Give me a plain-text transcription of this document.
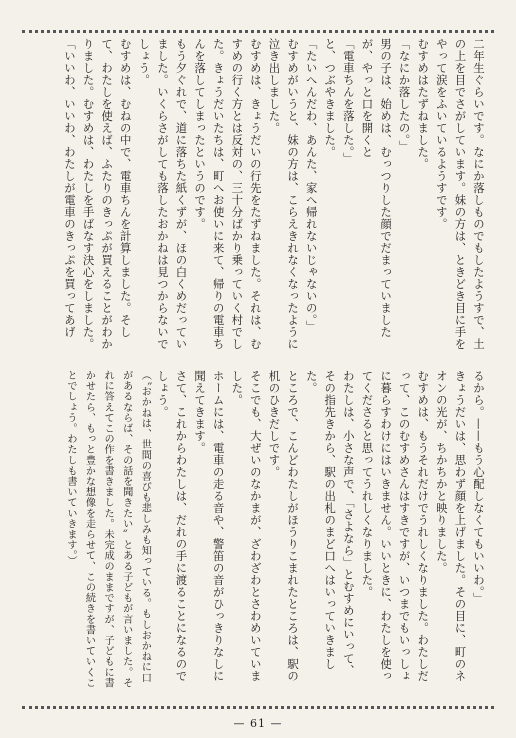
二年生ぐらいです。なにか落しものでもしたようすで、土の上を目でさがしています。妹の方は、ときどき目に手をやって涙をふいているようすです。

むすめはたずねました。

「なにか落したの。」

男の子は、始めは、むっつりした顔でだまっていましたが、やっと口を開くと

「電車ちんを落した。」

と、つぶやきました。

「たいへんだわ、あんた、家へ帰れないじゃないの。」

むすめがいうと、妹の方は、こらえきれなくなったように泣き出しました。

むすめは、きょうだいの行先をたずねました。それは、むすめの行く方とは反対の、三十分ばかり乗っていく村でした。きょうだいたちは、町へお使いに来て、帰りの電車ちんを落してしまったというのです。

もう夕ぐれで、道に落ちた紙くずが、ほの白くめだっていました。いくらさがしても落したおかねは見つからないでしょう。

むすめは、むねの中で、電車ちんを計算しました。そして、わたしを使えば、ふたりのきっぷが買えることがわかりました。むすめは、わたしを手ばなす決心をしました。

「いいわ、いいわ、わたしが電車のきっぷを買ってあげ

るから。——もう心配しなくてもいいわ。」

きょうだいは、思わず顔を上げました。その目に、町のネオンの光が、ちかちかと映りました。

むすめは、もうそれだけでうれしくなりました。わたしだって、このむすめさんはすきですが、いつまでもいっしょに暮らすわけにはいきません。いいときに、わたしを使ってくださると思ってうれしくなりました。

わたしは、小さな声で、「さよなら」とむすめにいって、その指先きから、駅の出札のまど口へはいっていきました。

ところで、こんどわたしがほうりこまれたところは、駅の机のひきだしです。

そこでも、大ぜいのなかまが、ざわざわとさわめいていました。

ホームには、電車の走る音や、警笛の音がひっきりなしに聞えてきます。

さて、これからわたしは、だれの手に渡ることになるのでしょう。

（〝おかねは、世間の喜びも悲しみも知っている。もしおかねに口があるならば、その話を聞きたい〟とある子どもが言いました。それに答えてこの作を書きました。未完成のままですが、子どもに書かせたら、もっと豊かな想像を走らせて、この続きを書いていくことでしょう。わたしも書いていきます。）

— 61 —
